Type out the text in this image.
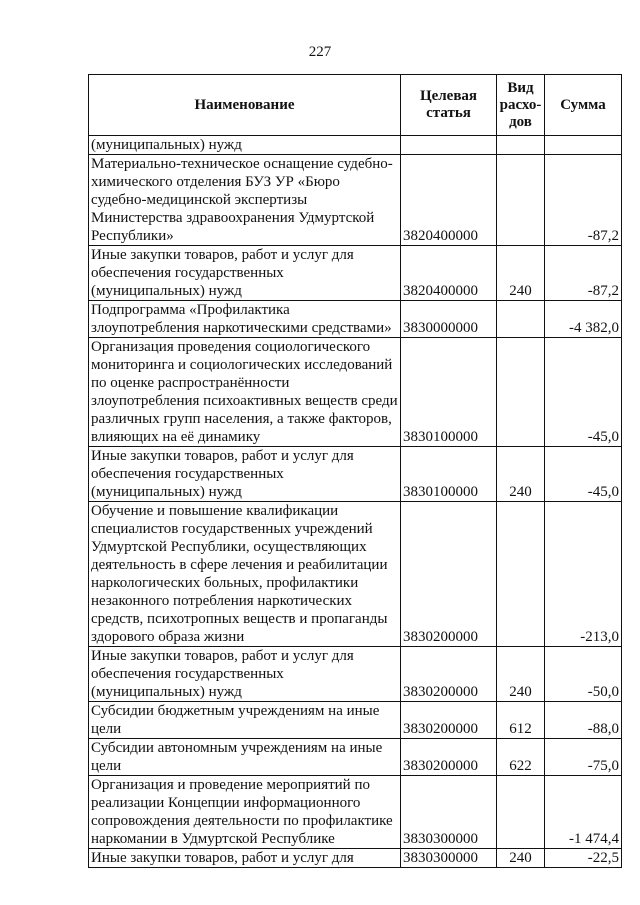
227
Наименование	Целевая статья	Вид расхо-дов	Сумма
(муниципальных) нужд			
Материально-техническое оснащение судебно-химического отделения БУЗ УР «Бюро судебно-медицинской экспертизы Министерства здравоохранения Удмуртской Республики»	3820400000		-87,2
Иные закупки товаров, работ и услуг для обеспечения государственных (муниципальных) нужд	3820400000	240	-87,2
Подпрограмма «Профилактика злоупотребления наркотическими средствами»	3830000000		-4 382,0
Организация проведения социологического мониторинга и социологических исследований по оценке распространённости злоупотребления психоактивных веществ среди различных групп населения, а также факторов, влияющих на её динамику	3830100000		-45,0
Иные закупки товаров, работ и услуг для обеспечения государственных (муниципальных) нужд	3830100000	240	-45,0
Обучение и повышение квалификации специалистов государственных учреждений Удмуртской Республики, осуществляющих деятельность в сфере лечения и реабилитации наркологических больных, профилактики незаконного потребления наркотических средств, психотропных веществ и пропаганды здорового образа жизни	3830200000		-213,0
Иные закупки товаров, работ и услуг для обеспечения государственных (муниципальных) нужд	3830200000	240	-50,0
Субсидии бюджетным учреждениям на иные цели	3830200000	612	-88,0
Субсидии автономным учреждениям на иные цели	3830200000	622	-75,0
Организация и проведение мероприятий по реализации Концепции информационного сопровождения деятельности по профилактике наркомании в Удмуртской Республике	3830300000		-1 474,4
Иные закупки товаров, работ и услуг для	3830300000	240	-22,5
